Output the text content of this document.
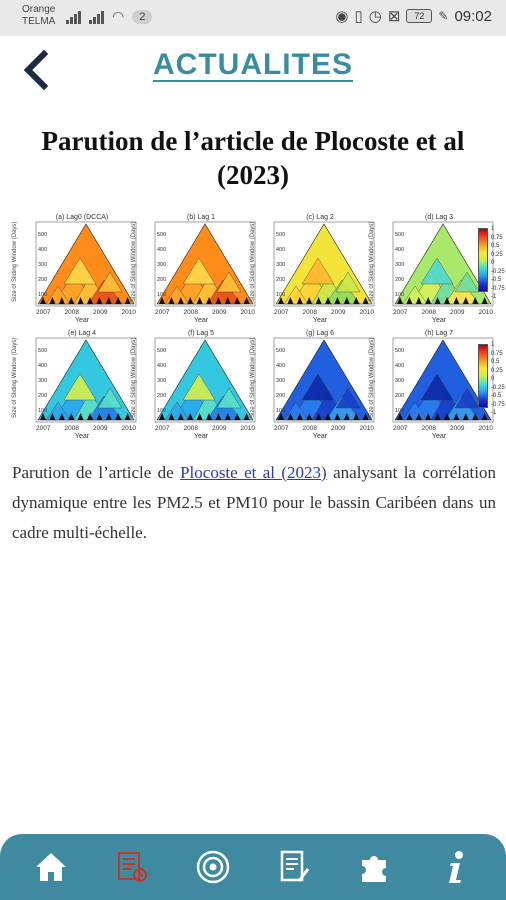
Orange
TELMA	◠	2	◉ ▯ ◷ ⊠	72	✎ 09:02
ACTUALITES
Parution de l’article de Plocoste et al (2023)
(a) Lag0 (DCCA)
500
400
300
200
100
Size of Sliding Window (Days)
2007 2008 2009 2010
Year
(b) Lag 1
500
400
300
200
100
Size of Sliding Window (Days)
2007 2008 2009 2010
Year
(c) Lag 2
500
400
300
200
100
Size of Sliding Window (Days)
2007 2008 2009 2010
Year
(d) Lag 3
500
400
300
200
100
Size of Sliding Window (Days)
2007 2008 2009 2010
Year
(e) Lag 4
500
400
300
200
100
Size of Sliding Window (Days)
2007 2008 2009 2010
Year
(f) Lag 5
500
400
300
200
100
Size of Sliding Window (Days)
2007 2008 2009 2010
Year
(g) Lag 6
500
400
300
200
100
Size of Sliding Window (Days)
2007 2008 2009 2010
Year
(h) Lag 7
500
400
300
200
100
Size of Sliding Window (Days)
2007 2008 2009 2010
Year
1
0.75
0.5
0.25
0
-0.25
-0.5
-0.75
-1
1
0.75
0.5
0.25
0
-0.25
-0.5
-0.75
-1
Parution de l’article de Plocoste et al (2023) analysant la corrélation dynamique entre les PM2.5 et PM10 pour le bassin Caribéen dans un cadre multi-échelle.
